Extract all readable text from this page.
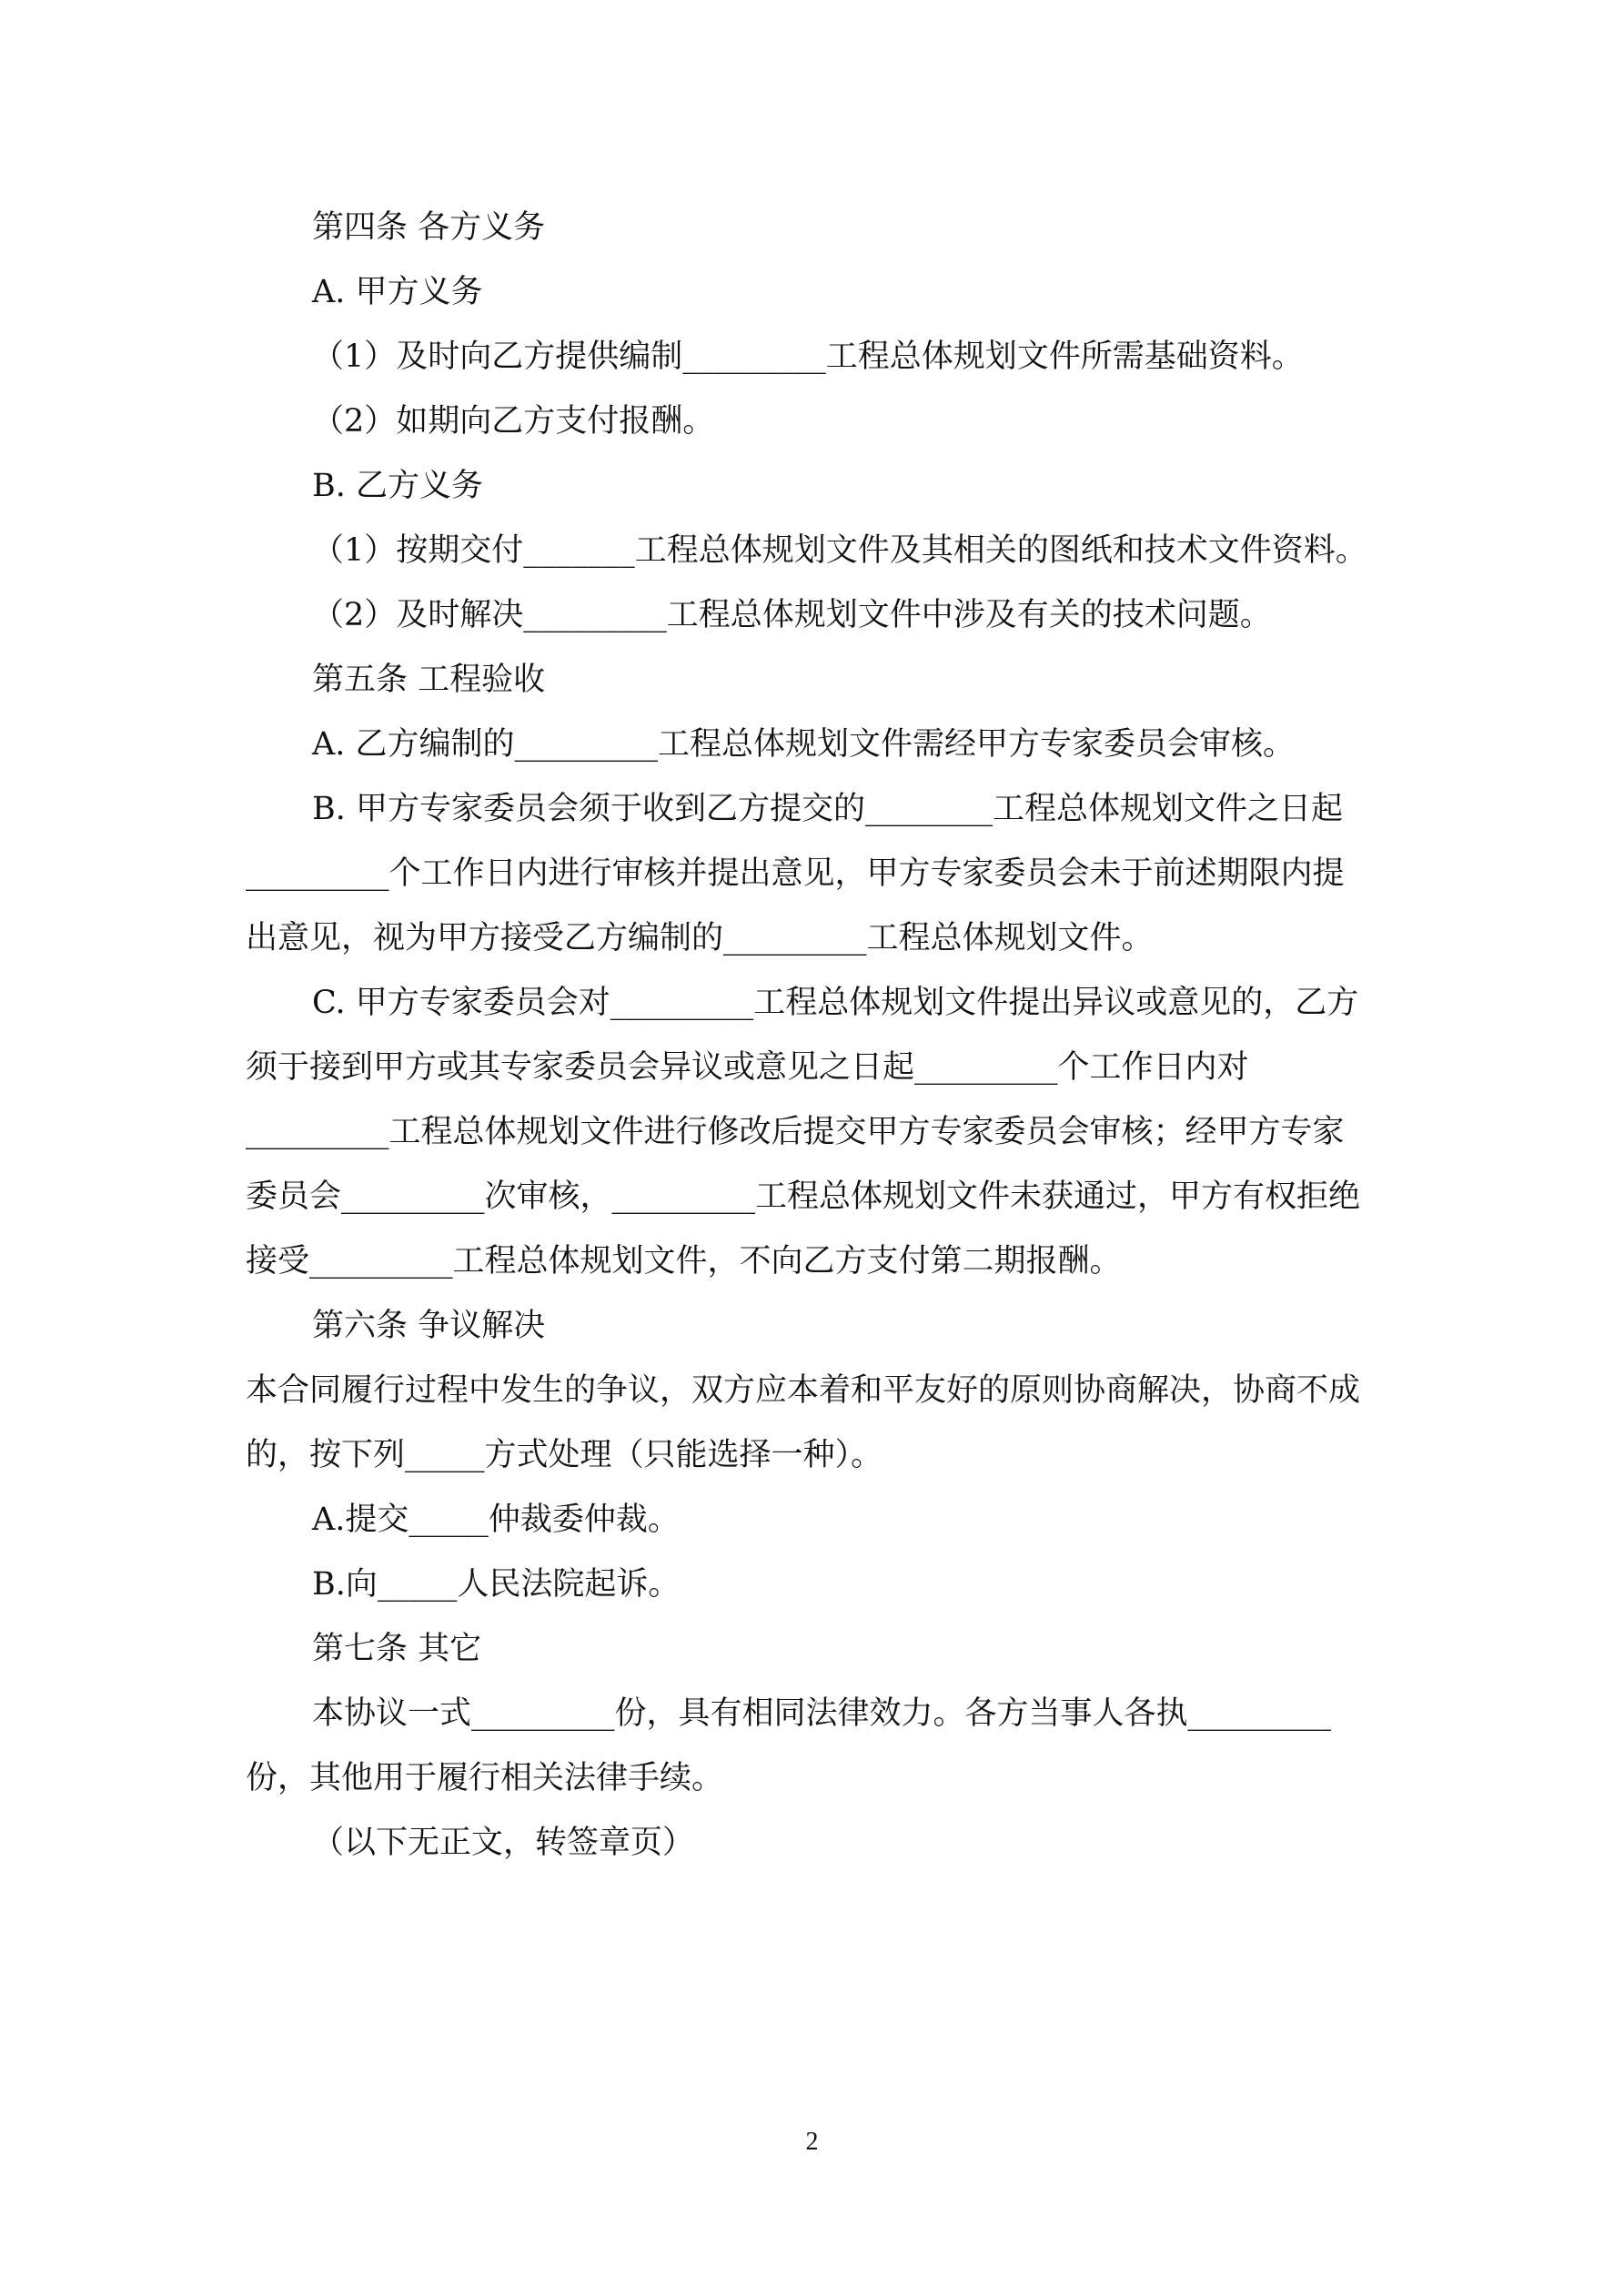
第四条 各方义务
A. 甲方义务
（1）及时向乙方提供编制_________工程总体规划文件所需基础资料。
（2）如期向乙方支付报酬。
B. 乙方义务
（1）按期交付_______工程总体规划文件及其相关的图纸和技术文件资料。
（2）及时解决_________工程总体规划文件中涉及有关的技术问题。
第五条 工程验收
A. 乙方编制的_________工程总体规划文件需经甲方专家委员会审核。
B. 甲方专家委员会须于收到乙方提交的________工程总体规划文件之日起
_________个工作日内进行审核并提出意见，甲方专家委员会未于前述期限内提
出意见，视为甲方接受乙方编制的_________工程总体规划文件。
C. 甲方专家委员会对_________工程总体规划文件提出异议或意见的，乙方
须于接到甲方或其专家委员会异议或意见之日起_________个工作日内对
_________工程总体规划文件进行修改后提交甲方专家委员会审核；经甲方专家
委员会_________次审核，_________工程总体规划文件未获通过，甲方有权拒绝
接受_________工程总体规划文件，不向乙方支付第二期报酬。
第六条 争议解决
本合同履行过程中发生的争议，双方应本着和平友好的原则协商解决，协商不成
的，按下列_____方式处理（只能选择一种）。
A.提交_____仲裁委仲裁。
B.向_____人民法院起诉。
第七条 其它
本协议一式_________份，具有相同法律效力。各方当事人各执_________
份，其他用于履行相关法律手续。
（以下无正文，转签章页）
2
